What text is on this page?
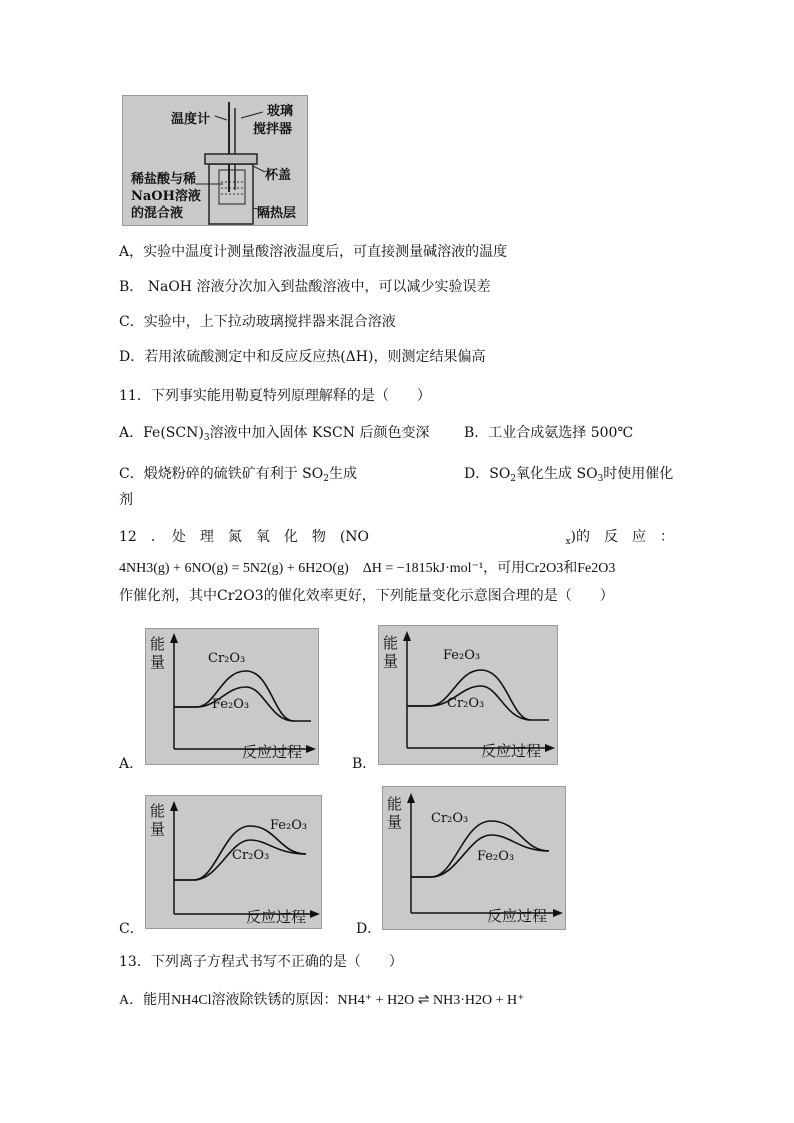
温度计
玻璃
搅拌器
杯盖
稀盐酸与稀
NaOH溶液
的混合液	隔热层
A，实验中温度计测量酸溶液温度后，可直接测量碱溶液的温度
B． NaOH 溶液分次加入到盐酸溶液中，可以减少实验误差
C．实验中，上下拉动玻璃搅拌器来混合溶液
D．若用浓硫酸测定中和反应反应热(ΔH)，则测定结果偏高
11．下列事实能用勒夏特列原理解释的是（　　）
A．$Fe(SCN)_3$溶液中加入固体 KSCN 后颜色变深 B．工业合成氨选择 500℃
C．煅烧粉碎的硫铁矿有利于 $SO_2$生成	D．$SO_2$氧化生成 $SO_3$时使用催化
剂
12　．　处　理　氮　氧　化　物　(NO	$_x$)的　反　应　：
4NH3(g) + 6NO(g) = 5N2(g) + 6H2O(g)　ΔH = −1815kJ·mol⁻¹，可用Cr2O3和Fe2O3
作催化剂，其中Cr2O3的催化效率更好，下列能量变化示意图合理的是（　　）
A．
能
量	Cr₂O₃
Fe₂O₃
反应过程
B．
能
量	Fe₂O₃
Cr₂O₃
反应过程
C．
能
量	Fe₂O₃
Cr₂O₃
反应过程
D．
能
量 Cr₂O₃
Fe₂O₃
反应过程
13．下列离子方程式书写不正确的是（　　）
A．能用NH4Cl溶液除铁锈的原因：NH4⁺ + H2O ⇌ NH3·H2O + H⁺
